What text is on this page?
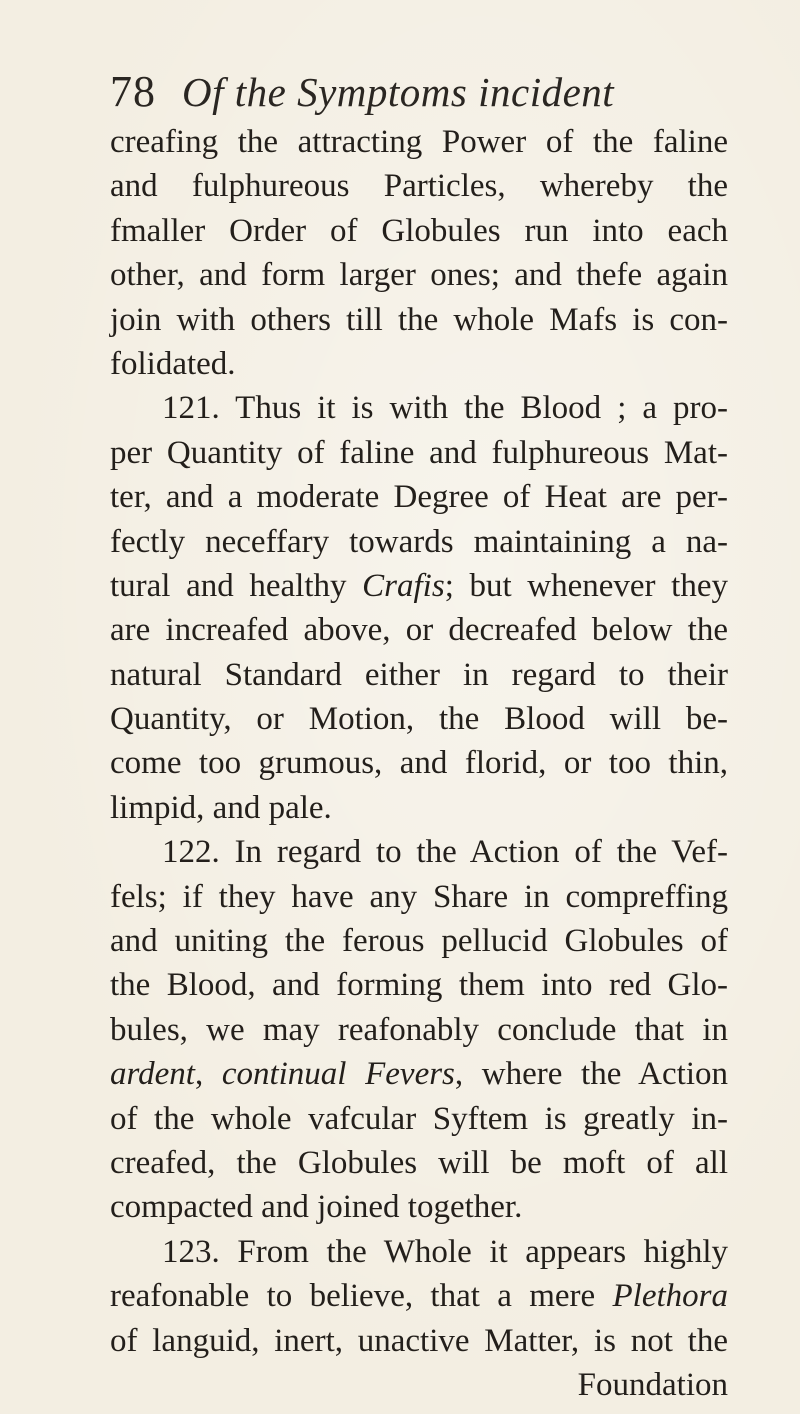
78 Of the Symptoms incident
creafing the attracting Power of the faline
and fulphureous Particles, whereby the
fmaller Order of Globules run into each
other, and form larger ones; and thefe again
join with others till the whole Mafs is con-
folidated.
121. Thus it is with the Blood ; a pro-
per Quantity of faline and fulphureous Mat-
ter, and a moderate Degree of Heat are per-
fectly neceffary towards maintaining a na-
tural and healthy Crafis; but whenever they
are increafed above, or decreafed below the
natural Standard either in regard to their
Quantity, or Motion, the Blood will be-
come too grumous, and florid, or too thin,
limpid, and pale.
122. In regard to the Action of the Vef-
fels; if they have any Share in compreffing
and uniting the ferous pellucid Globules of
the Blood, and forming them into red Glo-
bules, we may reafonably conclude that in
ardent, continual Fevers, where the Action
of the whole vafcular Syftem is greatly in-
creafed, the Globules will be moft of all
compacted and joined together.
123. From the Whole it appears highly
reafonable to believe, that a mere Plethora
of languid, inert, unactive Matter, is not the
Foundation
